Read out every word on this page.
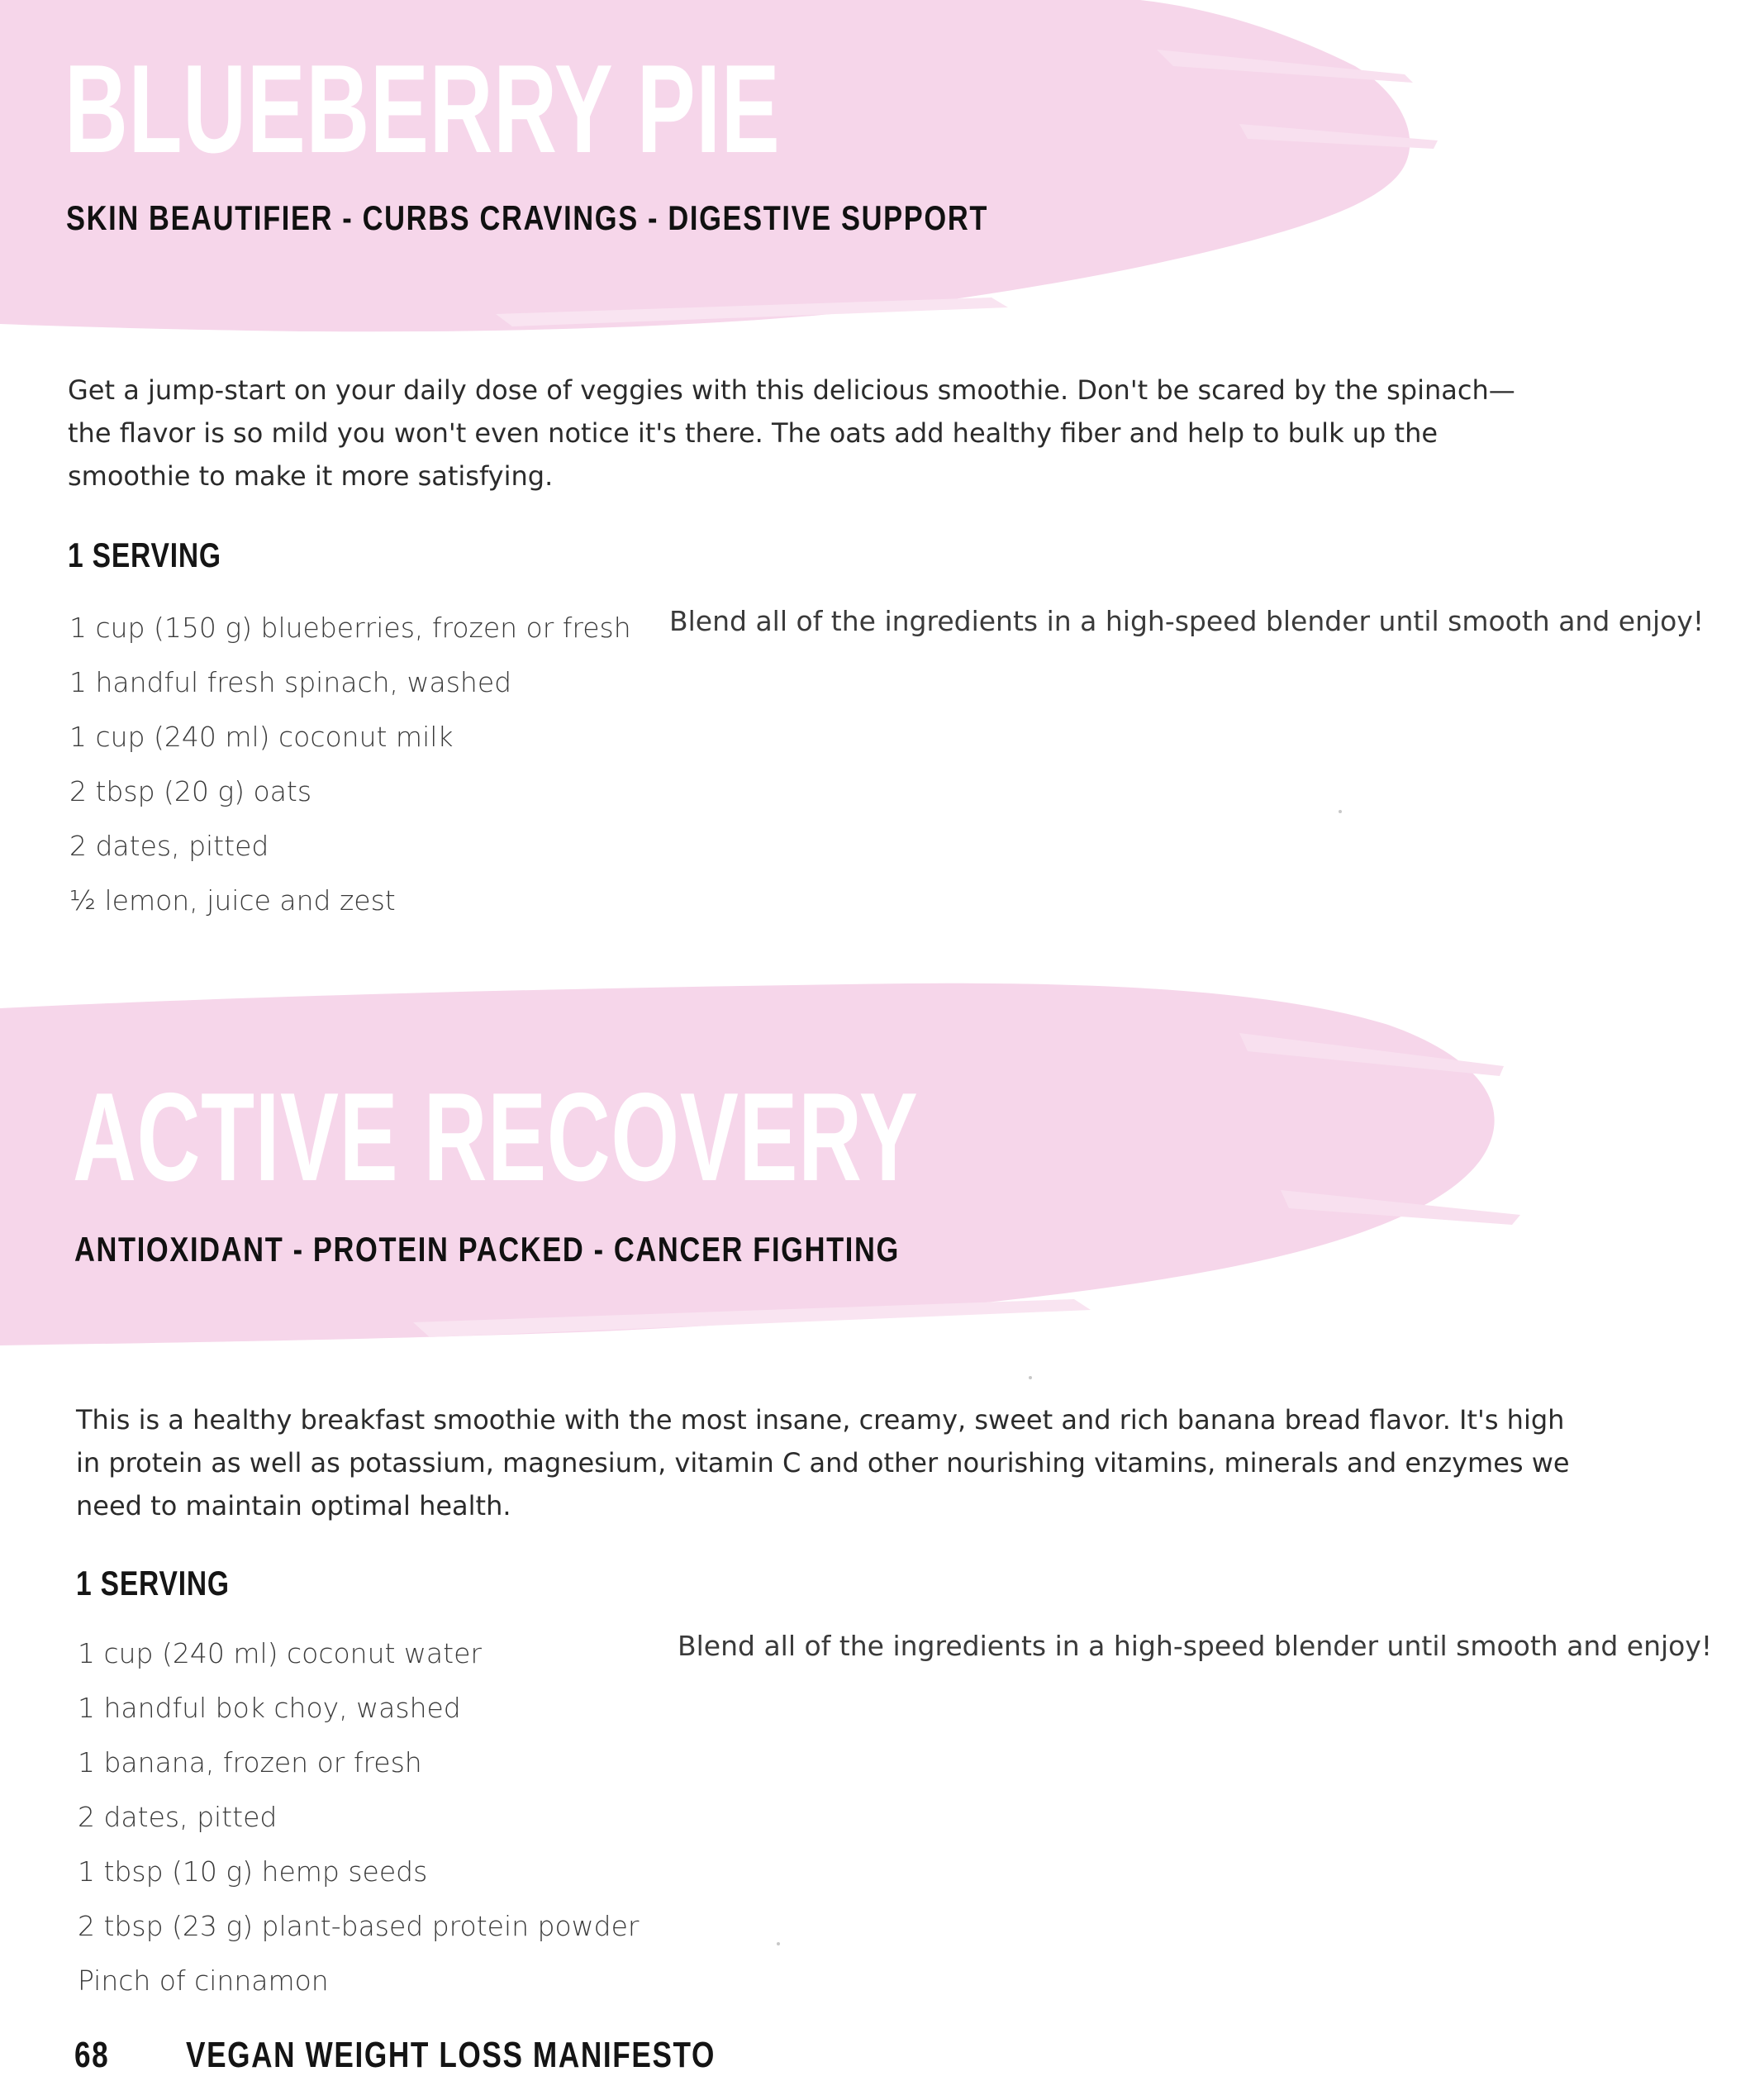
BLUEBERRY PIE
SKIN BEAUTIFIER - CURBS CRAVINGS - DIGESTIVE SUPPORT

Get a jump-start on your daily dose of veggies with this delicious smoothie. Don't be scared by the spinach—the flavor is so mild you won't even notice it's there. The oats add healthy fiber and help to bulk up the smoothie to make it more satisfying.

1 SERVING
1 cup (150 g) blueberries, frozen or fresh
1 handful fresh spinach, washed
1 cup (240 ml) coconut milk
2 tbsp (20 g) oats
2 dates, pitted
½ lemon, juice and zest

Blend all of the ingredients in a high-speed blender until smooth and enjoy!

ACTIVE RECOVERY
ANTIOXIDANT - PROTEIN PACKED - CANCER FIGHTING

This is a healthy breakfast smoothie with the most insane, creamy, sweet and rich banana bread flavor. It's high in protein as well as potassium, magnesium, vitamin C and other nourishing vitamins, minerals and enzymes we need to maintain optimal health.

1 SERVING
1 cup (240 ml) coconut water
1 handful bok choy, washed
1 banana, frozen or fresh
2 dates, pitted
1 tbsp (10 g) hemp seeds
2 tbsp (23 g) plant-based protein powder
Pinch of cinnamon

Blend all of the ingredients in a high-speed blender until smooth and enjoy!

68 VEGAN WEIGHT LOSS MANIFESTO
